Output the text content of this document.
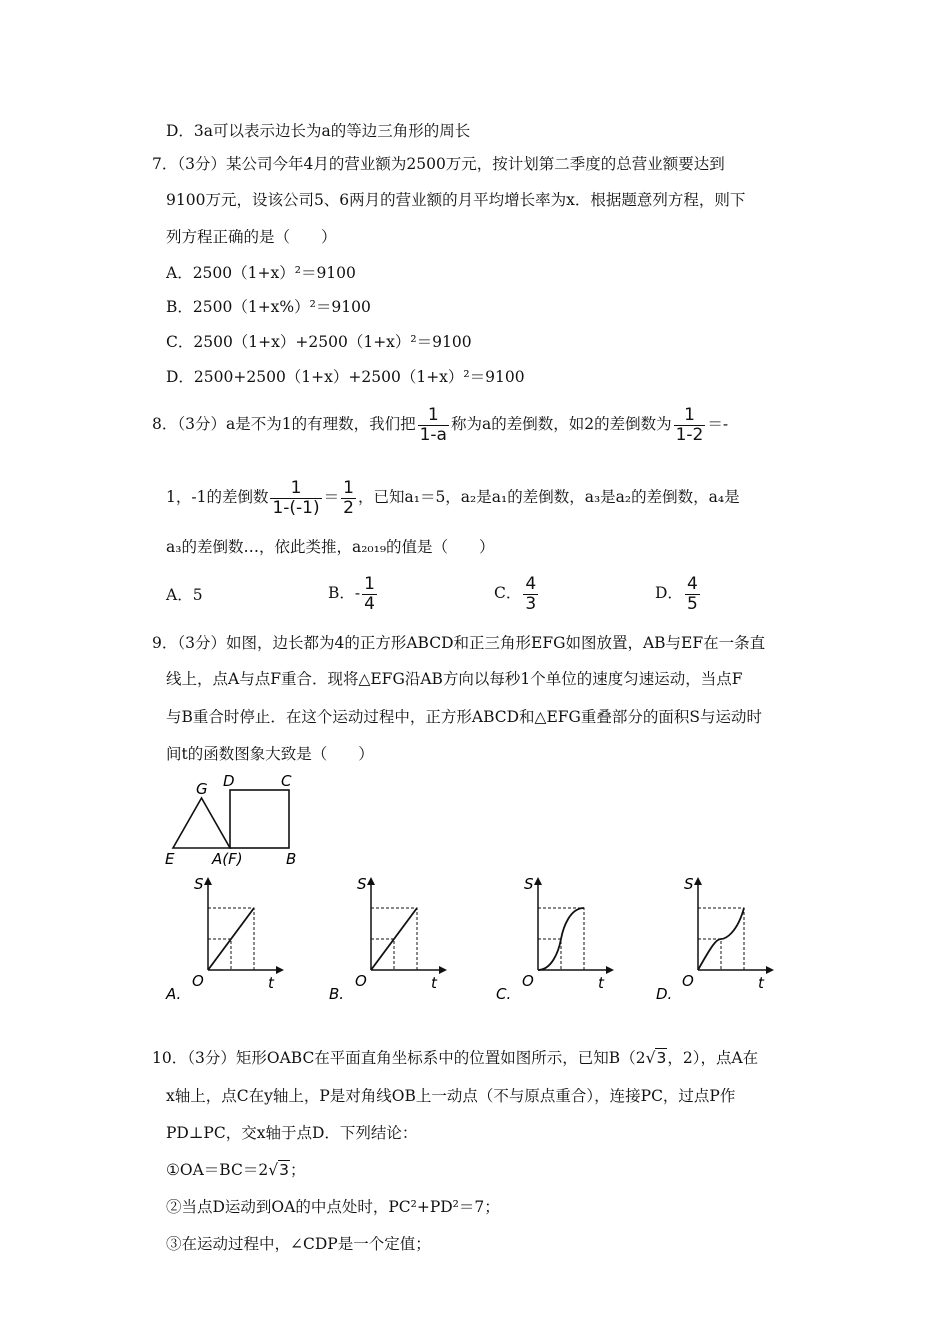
D．3a可以表示边长为a的等边三角形的周长
7．（3分）某公司今年4月的营业额为2500万元，按计划第二季度的总营业额要达到
9100万元，设该公司5、6两月的营业额的月平均增长率为x．根据题意列方程，则下
列方程正确的是（　　）
A．2500（1+x）²＝9100
B．2500（1+x%）²＝9100
C．2500（1+x）+2500（1+x）²＝9100
D．2500+2500（1+x）+2500（1+x）²＝9100
8．（3分）a是不为1的有理数，我们把 $\frac{1}{1-a}$ 称为a的差倒数，如2的差倒数为 $\frac{1}{1-2}$ ＝-
1，-1的差倒数 $\frac{1}{1-(-1)} = \frac{1}{2}$ ，已知a₁＝5，a₂是a₁的差倒数，a₃是a₂的差倒数，a₄是
a₃的差倒数…，依此类推，a₂₀₁₉的值是（　　）
A．5	B．- $\frac{1}{4}$	C． $\frac{4}{3}$	D． $\frac{4}{5}$
9．（3分）如图，边长都为4的正方形ABCD和正三角形EFG如图放置，AB与EF在一条直
线上，点A与点F重合．现将△EFG沿AB方向以每秒1个单位的速度匀速运动，当点F
与B重合时停止．在这个运动过程中，正方形ABCD和△EFG重叠部分的面积S与运动时
间t的函数图象大致是（　　）
G D	C
E	A(F)	B
S
O	t
A.
S
O	t
B.
S
O	t
C.
S
O	t
D.
10．（3分）矩形OABC在平面直角坐标系中的位置如图所示，已知B（2√3，2），点A在
x轴上，点C在y轴上，P是对角线OB上一动点（不与原点重合），连接PC，过点P作
PD⊥PC，交x轴于点D．下列结论：
①OA＝BC＝2√3；
②当点D运动到OA的中点处时，PC²+PD²＝7；
③在运动过程中，∠CDP是一个定值；
